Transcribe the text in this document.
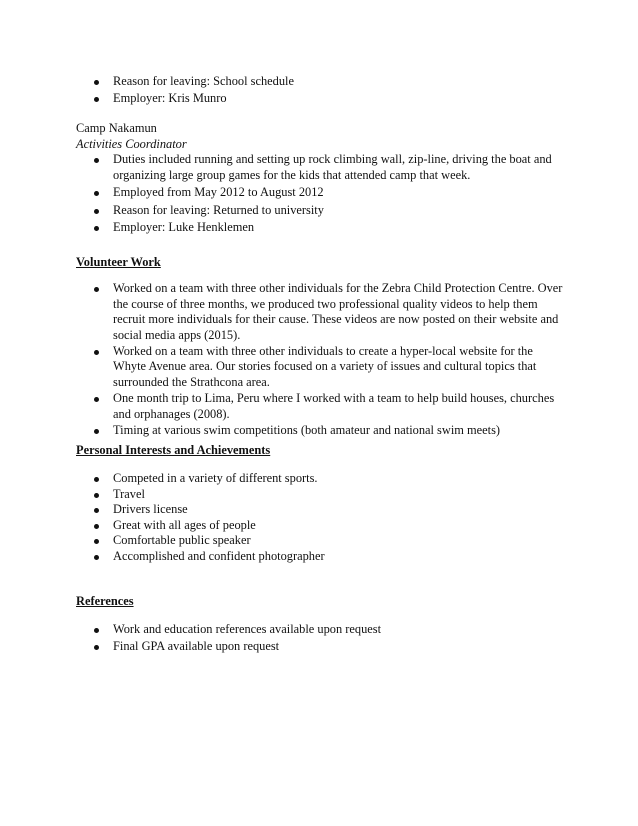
Reason for leaving: School schedule
Employer: Kris Munro
Camp Nakamun
Activities Coordinator
Duties included running and setting up rock climbing wall, zip-line, driving the boat and organizing large group games for the kids that attended camp that week.
Employed from May 2012 to August 2012
Reason for leaving: Returned to university
Employer: Luke Henklemen
Volunteer Work
Worked on a team with three other individuals for the Zebra Child Protection Centre. Over the course of three months, we produced two professional quality videos to help them recruit more individuals for their cause. These videos are now posted on their website and social media apps (2015).
Worked on a team with three other individuals to create a hyper-local website for the Whyte Avenue area. Our stories focused on a variety of issues and cultural topics that surrounded the Strathcona area.
One month trip to Lima, Peru where I worked with a team to help build houses, churches and orphanages (2008).
Timing at various swim competitions (both amateur and national swim meets)
Personal Interests and Achievements
Competed in a variety of different sports.
Travel
Drivers license
Great with all ages of people
Comfortable public speaker
Accomplished and confident photographer
References
Work and education references available upon request
Final GPA available upon request
